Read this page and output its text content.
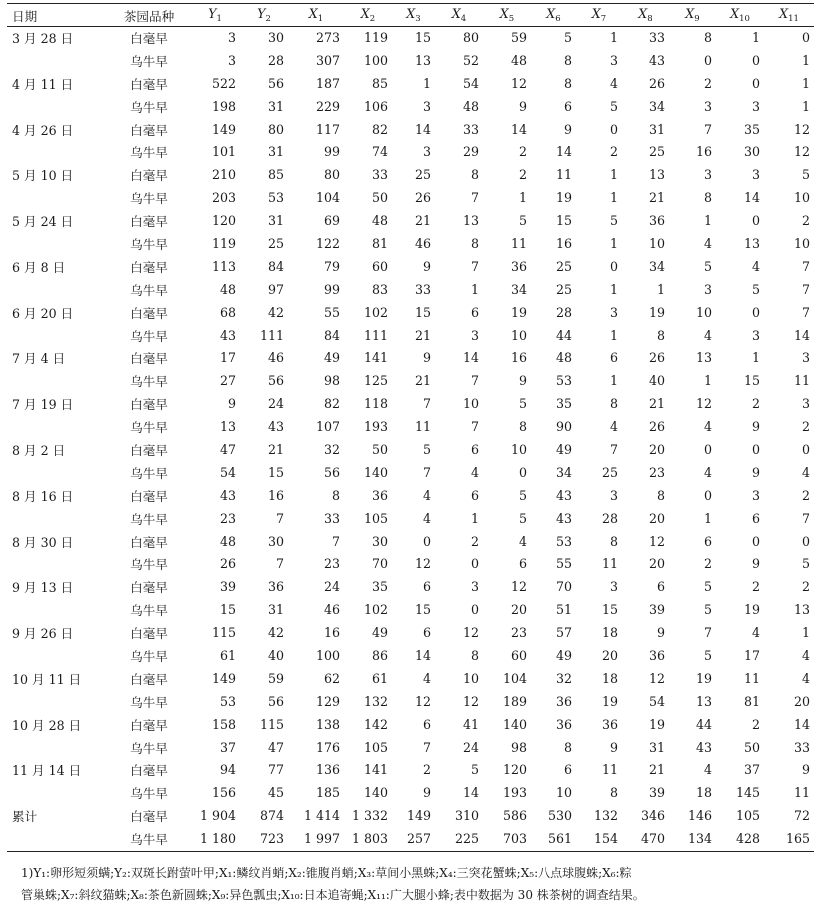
日期	茶园品种	$Y_1$	$Y_2$	$X_1$	$X_2$	$X_3$	$X_4$	$X_5$	$X_6$	$X_7$	$X_8$	$X_9$	$X_{10}$	$X_{11}$
3 月 28 日	白毫早	3	30	273	119	15	80	59	5	1	33	8	1	0
	乌牛早	3	28	307	100	13	52	48	8	3	43	0	0	1
4 月 11 日	白毫早	522	56	187	85	1	54	12	8	4	26	2	0	1
	乌牛早	198	31	229	106	3	48	9	6	5	34	3	3	1
4 月 26 日	白毫早	149	80	117	82	14	33	14	9	0	31	7	35	12
	乌牛早	101	31	99	74	3	29	2	14	2	25	16	30	12
5 月 10 日	白毫早	210	85	80	33	25	8	2	11	1	13	3	3	5
	乌牛早	203	53	104	50	26	7	1	19	1	21	8	14	10
5 月 24 日	白毫早	120	31	69	48	21	13	5	15	5	36	1	0	2
	乌牛早	119	25	122	81	46	8	11	16	1	10	4	13	10
6 月 8 日	白毫早	113	84	79	60	9	7	36	25	0	34	5	4	7
	乌牛早	48	97	99	83	33	1	34	25	1	1	3	5	7
6 月 20 日	白毫早	68	42	55	102	15	6	19	28	3	19	10	0	7
	乌牛早	43	111	84	111	21	3	10	44	1	8	4	3	14
7 月 4 日	白毫早	17	46	49	141	9	14	16	48	6	26	13	1	3
	乌牛早	27	56	98	125	21	7	9	53	1	40	1	15	11
7 月 19 日	白毫早	9	24	82	118	7	10	5	35	8	21	12	2	3
	乌牛早	13	43	107	193	11	7	8	90	4	26	4	9	2
8 月 2 日	白毫早	47	21	32	50	5	6	10	49	7	20	0	0	0
	乌牛早	54	15	56	140	7	4	0	34	25	23	4	9	4
8 月 16 日	白毫早	43	16	8	36	4	6	5	43	3	8	0	3	2
	乌牛早	23	7	33	105	4	1	5	43	28	20	1	6	7
8 月 30 日	白毫早	48	30	7	30	0	2	4	53	8	12	6	0	0
	乌牛早	26	7	23	70	12	0	6	55	11	20	2	9	5
9 月 13 日	白毫早	39	36	24	35	6	3	12	70	3	6	5	2	2
	乌牛早	15	31	46	102	15	0	20	51	15	39	5	19	13
9 月 26 日	白毫早	115	42	16	49	6	12	23	57	18	9	7	4	1
	乌牛早	61	40	100	86	14	8	60	49	20	36	5	17	4
10 月 11 日	白毫早	149	59	62	61	4	10	104	32	18	12	19	11	4
	乌牛早	53	56	129	132	12	12	189	36	19	54	13	81	20
10 月 28 日	白毫早	158	115	138	142	6	41	140	36	36	19	44	2	14
	乌牛早	37	47	176	105	7	24	98	8	9	31	43	50	33
11 月 14 日	白毫早	94	77	136	141	2	5	120	6	11	21	4	37	9
	乌牛早	156	45	185	140	9	14	193	10	8	39	18	145	11
累计	白毫早	1 904	874	1 414	1 332	149	310	586	530	132	346	146	105	72
	乌牛早	1 180	723	1 997	1 803	257	225	703	561	154	470	134	428	165
1)Y₁:卵形短须螨;Y₂:双斑长跗萤叶甲;X₁:鳞纹肖蛸;X₂:锥腹肖蛸;X₃:草间小黑蛛;X₄:三突花蟹蛛;X₅:八点球腹蛛;X₆:粽
管巢蛛;X₇:斜纹猫蛛;X₈:茶色新圆蛛;X₉:异色瓢虫;X₁₀:日本追寄蝇;X₁₁:广大腿小蜂;表中数据为 30 株茶树的调查结果。
